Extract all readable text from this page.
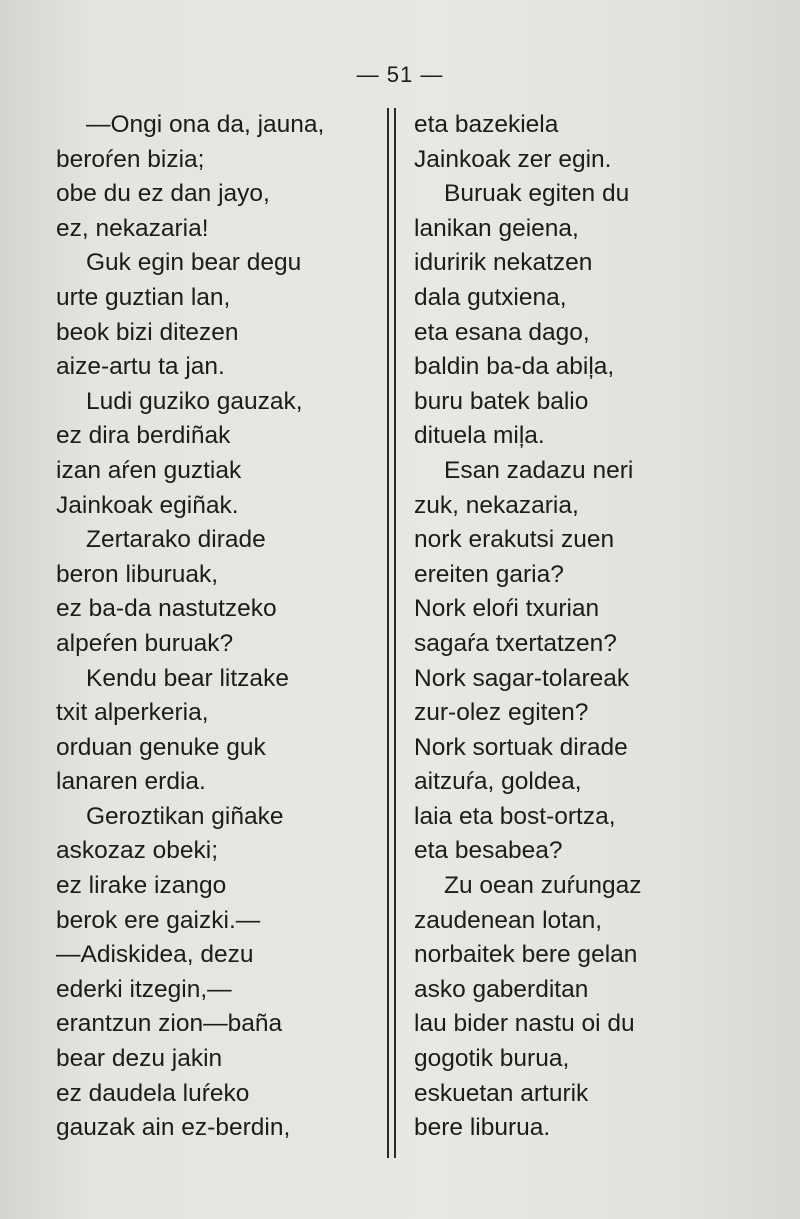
— 51 —
—Ongi ona da, jauna,
beroŕen bizia;
obe du ez dan jayo,
ez, nekazaria!
Guk egin bear degu
urte guztian lan,
beok bizi ditezen
aize-artu ta jan.
Ludi guziko gauzak,
ez dira berdiñak
izan aŕen guztiak
Jainkoak egiñak.
Zertarako dirade
beron liburuak,
ez ba-da nastutzeko
alpeŕen buruak?
Kendu bear litzake
txit alperkeria,
orduan genuke guk
lanaren erdia.
Geroztikan giñake
askozaz obeki;
ez lirake izango
berok ere gaizki.—
—Adiskidea, dezu
ederki itzegin,—
erantzun zion—baña
bear dezu jakin
ez daudela luŕeko
gauzak ain ez-berdin,
eta bazekiela
Jainkoak zer egin.
Buruak egiten du
lanikan geiena,
iduririk nekatzen
dala gutxiena,
eta esana dago,
baldin ba-da abiļa,
buru batek balio
dituela miļa.
Esan zadazu neri
zuk, nekazaria,
nork erakutsi zuen
ereiten garia?
Nork eloŕi txurian
sagaŕa txertatzen?
Nork sagar-tolareak
zur-olez egiten?
Nork sortuak dirade
aitzuŕa, goldea,
laia eta bost-ortza,
eta besabea?
Zu oean zuŕungaz
zaudenean lotan,
norbaitek bere gelan
asko gaberditan
lau bider nastu oi du
gogotik burua,
eskuetan arturik
bere liburua.
